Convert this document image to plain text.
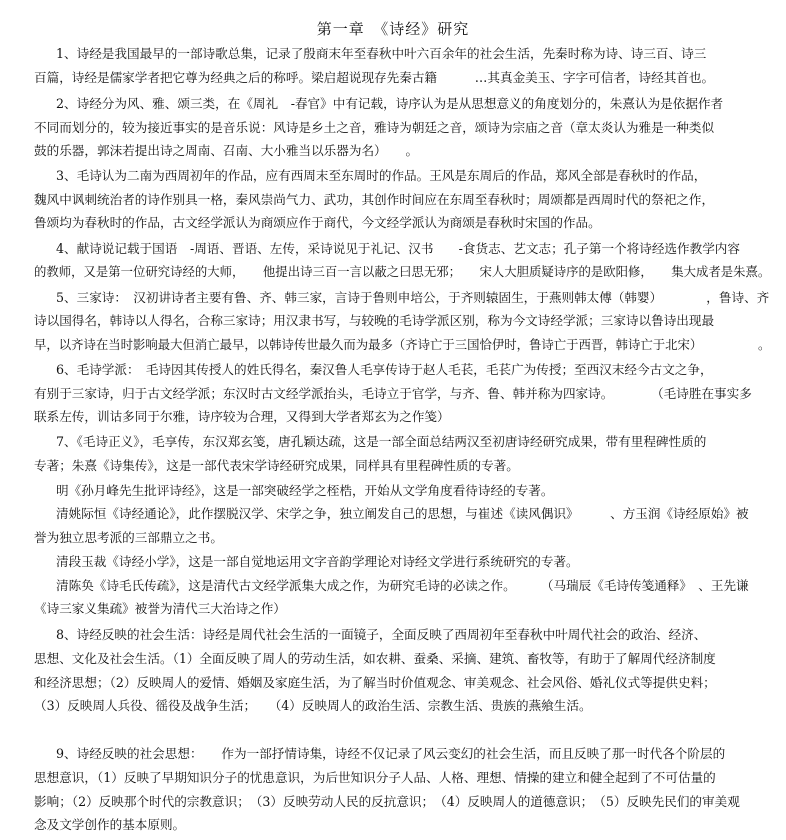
第一章　《诗经》研究
1、诗经是我国最早的一部诗歌总集，记录了殷商末年至春秋中叶六百余年的社会生活，先秦时称为诗、诗三百、诗三
百篇，诗经是儒家学者把它尊为经典之后的称呼。梁启超说现存先秦古籍　　　…其真金美玉、字字可信者，诗经其首也。
2、诗经分为风、雅、颂三类，在《周礼　-春官》中有记载，诗序认为是从思想意义的角度划分的，朱熹认为是依据作者
不同而划分的，较为接近事实的是音乐说：风诗是乡土之音，雅诗为朝廷之音，颂诗为宗庙之音（章太炎认为雅是一种类似
鼓的乐器，郭沫若提出诗之周南、召南、大小雅当以乐器为名）　　。
3、毛诗认为二南为西周初年的作品，应有西周末至东周时的作品。王风是东周后的作品，郑风全部是春秋时的作品，
魏风中讽刺统治者的诗作别具一格，秦风崇尚气力、武功，其创作时间应在东周至春秋时；周颂都是西周时代的祭祀之作，
鲁颂均为春秋时的作品，古文经学派认为商颂应作于商代，今文经学派认为商颂是春秋时宋国的作品。
4、献诗说记载于国语　-周语、晋语、左传，采诗说见于礼记、汉书　　-食货志、艺文志；孔子第一个将诗经选作教学内容
的教师，又是第一位研究诗经的大师，　　他提出诗三百一言以蔽之曰思无邪；　　宋人大胆质疑诗序的是欧阳修，　　集大成者是朱熹。
5、三家诗：　汉初讲诗者主要有鲁、齐、韩三家，言诗于鲁则申培公，于齐则辕固生，于燕则韩太傅（韩婴）　　　　，鲁诗、齐
诗以国得名，韩诗以人得名，合称三家诗；用汉隶书写，与较晚的毛诗学派区别，称为今文诗经学派；三家诗以鲁诗出现最
早，以齐诗在当时影响最大但消亡最早，以韩诗传世最久而为最多（齐诗亡于三国恰伊时，鲁诗亡于西晋，韩诗亡于北宋）　　　　　。
6、毛诗学派：　毛诗因其传授人的姓氏得名，秦汉鲁人毛享传诗于赵人毛苌，毛苌广为传授；至西汉末经今古文之争，
有别于三家诗，归于古文经学派；东汉时古文经学派抬头，毛诗立于官学，与齐、鲁、韩并称为四家诗。　　　　（毛诗胜在事实多
联系左传，训诂多同于尔雅，诗序较为合理，又得到大学者郑玄为之作笺）
7、《毛诗正义》，毛享传，东汉郑玄笺，唐孔颖达疏，这是一部全面总结两汉至初唐诗经研究成果，带有里程碑性质的
专著；朱熹《诗集传》，这是一部代表宋学诗经研究成果，同样具有里程碑性质的专著。
明《孙月峰先生批评诗经》，这是一部突破经学之桎梏，开始从文学角度看待诗经的专著。
清姚际恒《诗经通论》，此作摆脱汉学、宋学之争，独立阐发自己的思想，与崔述《读风偶识》　　　、方玉润《诗经原始》被
誉为独立思考派的三部鼎立之书。
清段玉裁《诗经小学》，这是一部自觉地运用文字音韵学理论对诗经文学进行系统研究的专著。
清陈奂《诗毛氏传疏》，这是清代古文经学派集大成之作，为研究毛诗的必读之作。　　　（马瑞辰《毛诗传笺通释》　、王先谦
《诗三家义集疏》被誉为清代三大治诗之作）
8、诗经反映的社会生活：诗经是周代社会生活的一面镜子，全面反映了西周初年至春秋中叶周代社会的政治、经济、
思想、文化及社会生活。（1）全面反映了周人的劳动生活，如农耕、蚕桑、采摘、建筑、畜牧等，有助于了解周代经济制度
和经济思想；（2）反映周人的爱情、婚姻及家庭生活，为了解当时价值观念、审美观念、社会风俗、婚礼仪式等提供史料；
（3）反映周人兵役、徭役及战争生活；　　（4）反映周人的政治生活、宗教生活、贵族的燕飨生活。
9、诗经反映的社会思想：　　作为一部抒情诗集，诗经不仅记录了风云变幻的社会生活，而且反映了那一时代各个阶层的
思想意识，（1）反映了早期知识分子的忧患意识，为后世知识分子人品、人格、理想、情操的建立和健全起到了不可估量的
影响；（2）反映那个时代的宗教意识；　（3）反映劳动人民的反抗意识；　（4）反映周人的道德意识；　（5）反映先民们的审美观
念及文学创作的基本原则。
